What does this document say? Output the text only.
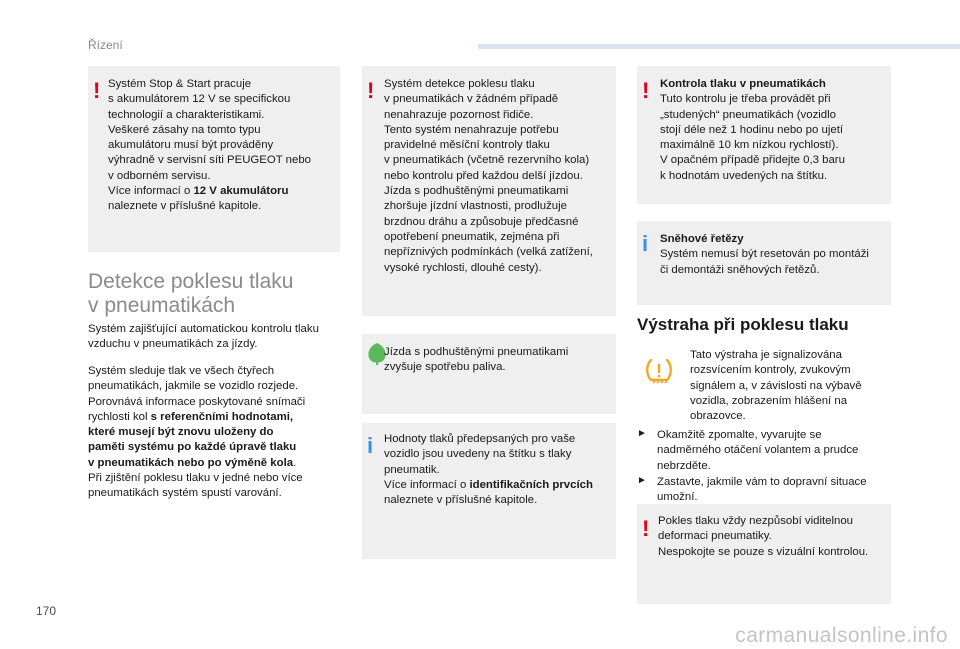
Řízení
! Systém Stop & Start pracuje
s akumulátorem 12 V se specifickou
technologií a charakteristikami.
Veškeré zásahy na tomto typu
akumulátoru musí být prováděny
výhradně v servisní síti PEUGEOT nebo
v odborném servisu.
Více informací o 12 V akumulátoru
naleznete v příslušné kapitole.

Detekce poklesu tlaku
v pneumatikách

Systém zajišťující automatickou kontrolu tlaku
vzduchu v pneumatikách za jízdy.

Systém sleduje tlak ve všech čtyřech
pneumatikách, jakmile se vozidlo rozjede.
Porovnává informace poskytované snímači
rychlosti kol s referenčními hodnotami,
které musejí být znovu uloženy do
paměti systému po každé úpravě tlaku
v pneumatikách nebo po výměně kola.
Při zjištění poklesu tlaku v jedné nebo více
pneumatikách systém spustí varování.

! Systém detekce poklesu tlaku
v pneumatikách v žádném případě
nenahrazuje pozornost řidiče.
Tento systém nenahrazuje potřebu
pravidelné měsíční kontroly tlaku
v pneumatikách (včetně rezervního kola)
nebo kontrolu před každou delší jízdou.
Jízda s podhuštěnými pneumatikami
zhoršuje jízdní vlastnosti, prodlužuje
brzdnou dráhu a způsobuje předčasné
opotřebení pneumatik, zejména při
nepříznivých podmínkách (velká zatížení,
vysoké rychlosti, dlouhé cesty).

Jízda s podhuštěnými pneumatikami
zvyšuje spotřebu paliva.

i Hodnoty tlaků předepsaných pro vaše
vozidlo jsou uvedeny na štítku s tlaky
pneumatik.
Více informací o identifikačních prvcích
naleznete v příslušné kapitole.

! Kontrola tlaku v pneumatikách
Tuto kontrolu je třeba provádět při
„studených“ pneumatikách (vozidlo
stojí déle než 1 hodinu nebo po ujetí
maximálně 10 km nízkou rychlostí).
V opačném případě přidejte 0,3 baru
k hodnotám uvedených na štítku.

i Sněhové řetězy
Systém nemusí být resetován po montáži
či demontáži sněhových řetězů.

Výstraha při poklesu tlaku

Tato výstraha je signalizována
rozsvícením kontroly, zvukovým
signálem a, v závislosti na výbavě
vozidla, zobrazením hlášení na
obrazovce.

► Okamžitě zpomalte, vyvarujte se
nadměrného otáčení volantem a prudce
nebrzděte.

► Zastavte, jakmile vám to dopravní situace
umožní.

! Pokles tlaku vždy nezpůsobí viditelnou
deformaci pneumatiky.
Nespokojte se pouze s vizuální kontrolou.

170
carmanualsonline.info
